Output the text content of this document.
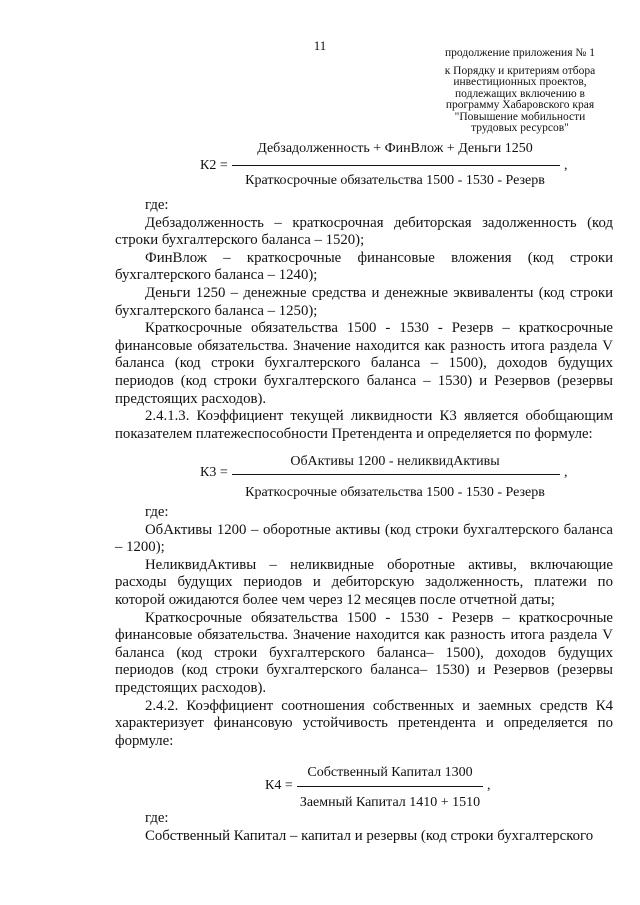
11	продолжение приложения № 1
к Порядку и критериям отбора
инвестиционных проектов,
подлежащих включению в
программу Хабаровского края
"Повышение мобильности
трудовых ресурсов"
К2 =
Дебзадолженность + ФинВлож + Деньги 1250
Краткосрочные обязательства 1500 - 1530 - Резерв
,

где:

Дебзадолженность – краткосрочная дебиторская задолженность (код строки бухгалтерского баланса – 1520);

ФинВлож – краткосрочные финансовые вложения (код строки бухгалтерского баланса – 1240);

Деньги 1250 – денежные средства и денежные эквиваленты (код строки бухгалтерского баланса – 1250);

Краткосрочные обязательства 1500 - 1530 - Резерв – краткосрочные финансовые обязательства. Значение находится как разность итога раздела V баланса (код строки бухгалтерского баланса – 1500), доходов будущих периодов (код строки бухгалтерского баланса – 1530) и Резервов (резервы предстоящих расходов).

2.4.1.3. Коэффициент текущей ликвидности К3 является обобщающим показателем платежеспособности Претендента и определяется по формуле:

К3 =
ОбАктивы 1200 - неликвидАктивы
Краткосрочные обязательства 1500 - 1530 - Резерв
,

где:

ОбАктивы 1200 – оборотные активы (код строки бухгалтерского баланса – 1200);

НеликвидАктивы – неликвидные оборотные активы, включающие расходы будущих периодов и дебиторскую задолженность, платежи по которой ожидаются более чем через 12 месяцев после отчетной даты;

Краткосрочные обязательства 1500 - 1530 - Резерв – краткосрочные финансовые обязательства. Значение находится как разность итога раздела V баланса (код строки бухгалтерского баланса– 1500), доходов будущих периодов (код строки бухгалтерского баланса– 1530) и Резервов (резервы предстоящих расходов).

2.4.2. Коэффициент соотношения собственных и заемных средств К4 характеризует финансовую устойчивость претендента и определяется по формуле:

К4 =
Собственный Капитал 1300
Заемный Капитал 1410 + 1510
,

где:

Собственный Капитал – капитал и резервы (код строки бухгалтерского
